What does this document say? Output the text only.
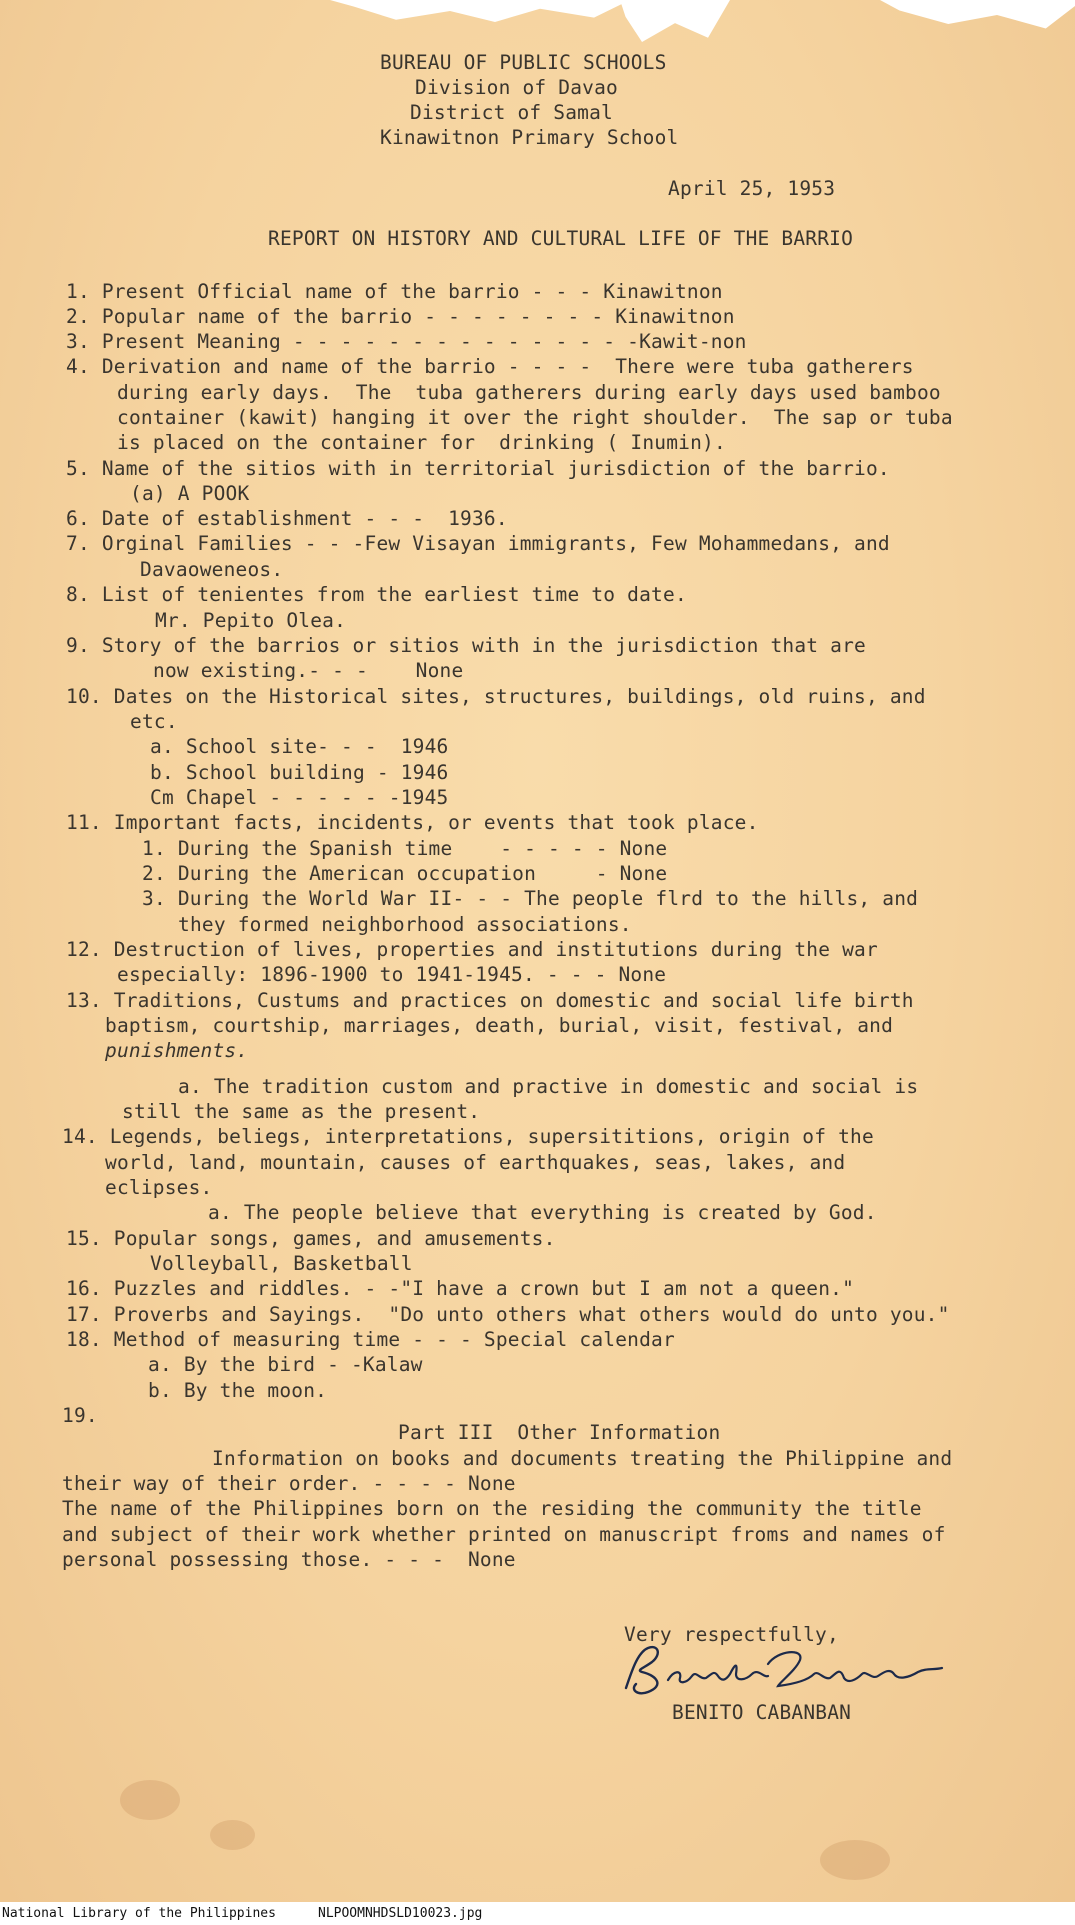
BUREAU OF PUBLIC SCHOOLS

Division of Davao

District of Samal

Kinawitnon Primary School

April 25, 1953

REPORT ON HISTORY AND CULTURAL LIFE OF THE BARRIO

1. Present Official name of the barrio - - - Kinawitnon

2. Popular name of the barrio - - - - - - - - Kinawitnon

3. Present Meaning - - - - - - - - - - - - - - -Kawit-non

4. Derivation and name of the barrio - - - -  There were tuba gatherers

during early days.  The  tuba gatherers during early days used bamboo

container (kawit) hanging it over the right shoulder.  The sap or tuba

is placed on the container for  drinking ( Inumin).

5. Name of the sitios with in territorial jurisdiction of the barrio.

(a) A POOK

6. Date of establishment - - -  1936.

7. Orginal Families - - -Few Visayan immigrants, Few Mohammedans, and

Davaoweneos.

8. List of tenientes from the earliest time to date.

Mr. Pepito Olea.

9. Story of the barrios or sitios with in the jurisdiction that are

now existing.- - -    None

10. Dates on the Historical sites, structures, buildings, old ruins, and

etc.

a. School site- - -  1946

b. School building - 1946

Cm Chapel - - - - - -1945

11. Important facts, incidents, or events that took place.

1. During the Spanish time    - - - - - None

2. During the American occupation     - None

3. During the World War II- - - The people flrd to the hills, and

they formed neighborhood associations.

12. Destruction of lives, properties and institutions during the war

especially: 1896-1900 to 1941-1945. - - - None

13. Traditions, Custums and practices on domestic and social life birth

baptism, courtship, marriages, death, burial, visit, festival, and

punishments.

a. The tradition custom and practive in domestic and social is

still the same as the present.

14. Legends, beliegs, interpretations, supersititions, origin of the

world, land, mountain, causes of earthquakes, seas, lakes, and

eclipses.

a. The people believe that everything is created by God.

15. Popular songs, games, and amusements.

Volleyball, Basketball

16. Puzzles and riddles. - -"I have a crown but I am not a queen."

17. Proverbs and Sayings.  "Do unto others what others would do unto you."

18. Method of measuring time - - - Special calendar

a. By the bird - -Kalaw

b. By the moon.

19.

Part III  Other Information

Information on books and documents treating the Philippine and

their way of their order. - - - - None

The name of the Philippines born on the residing the community the title

and subject of their work whether printed on manuscript froms and names of

personal possessing those. - - -  None

Very respectfully,

BENITO CABANBAN

National Library of the Philippines	NLPOOMNHDSLD10023.jpg
